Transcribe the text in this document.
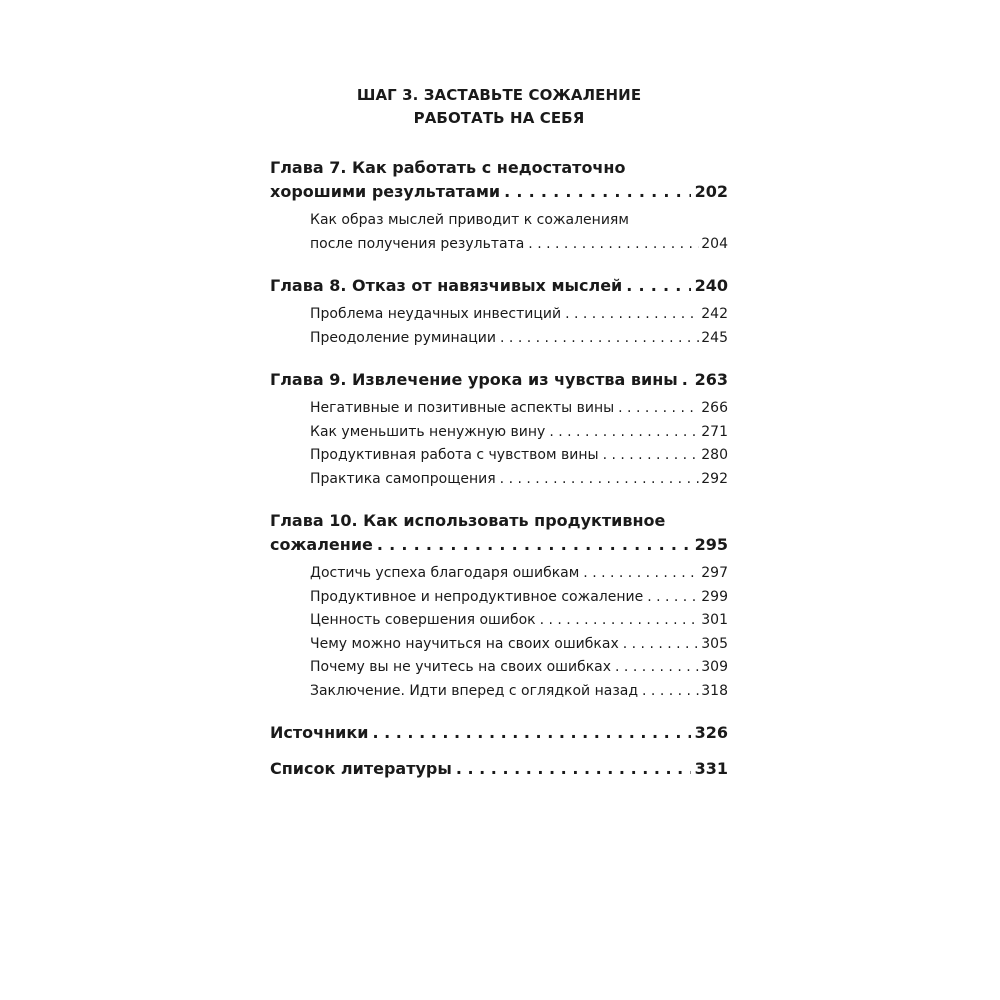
ШАГ 3. ЗАСТАВЬТЕ СОЖАЛЕНИЕ
РАБОТАТЬ НА СЕБЯ
Глава 7. Как работать с недостаточно
хорошими результатами . . .	202
Как образ мыслей приводит к сожалениям
после получения результата . . .	204
Глава 8. Отказ от навязчивых мыслей . . .	240
Проблема неудачных инвестиций . . .	242
Преодоление руминации . . .	245
Глава 9. Извлечение урока из чувства вины . . . 263
Негативные и позитивные аспекты вины . . .	266
Как уменьшить ненужную вину . . .	271
Продуктивная работа с чувством вины . . .	280
Практика самопрощения . . .	292
Глава 10. Как использовать продуктивное
сожаление . . .	295
Достичь успеха благодаря ошибкам . . .	297
Продуктивное и непродуктивное сожаление . . .	299
Ценность совершения ошибок . . .	301
Чему можно научиться на своих ошибках . . .	305
Почему вы не учитесь на своих ошибках . . .	309
Заключение. Идти вперед с оглядкой назад . . .	318
Источники . . .	326
Список литературы . . .	331
